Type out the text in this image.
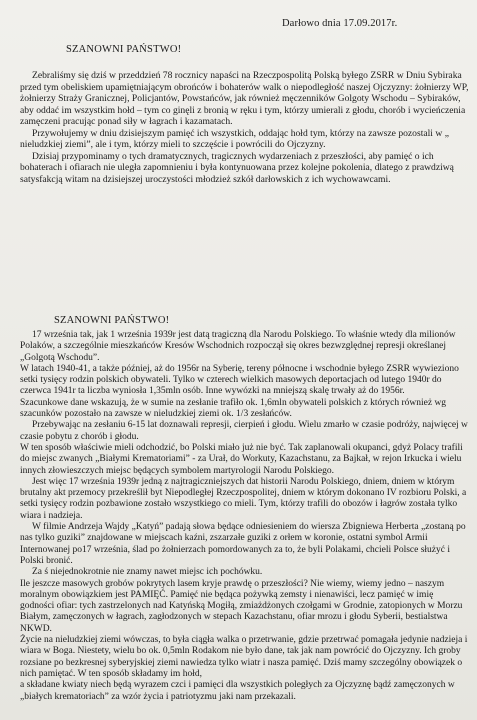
Darłowo dnia 17.09.2017r.
SZANOWNI PAŃSTWO!

Zebraliśmy się dziś w przeddzień 78 rocznicy napaści na Rzeczpospolitą Polską byłego ZSRR w Dniu Sybiraka przed tym obeliskiem upamiętniającym obrońców i bohaterów walk o niepodległość naszej Ojczyzny: żołnierzy WP, żołnierzy Straży Granicznej, Policjantów, Powstańców, jak również męczenników Golgoty Wschodu – Sybiraków, aby oddać im wszystkim hołd – tym co ginęli z bronią w ręku i tym, którzy umierali z głodu, chorób i wycieńczenia zamęczeni pracując ponad siły w łagrach i kazamatach.

Przywołujemy w dniu dzisiejszym pamięć ich wszystkich, oddając hołd tym, którzy na zawsze pozostali w „ nieludzkiej ziemi”, ale i tym, którzy mieli to szczęście i powrócili do Ojczyzny.

Dzisiaj przypominamy o tych dramatycznych, tragicznych wydarzeniach z przeszłości, aby pamięć o ich bohaterach i ofiarach nie uległa zapomnieniu i była kontynuowana przez kolejne pokolenia, dlatego z prawdziwą satysfakcją witam na dzisiejszej uroczystości młodzież szkół darłowskich z ich wychowawcami.

SZANOWNI PAŃSTWO!

17 września tak, jak 1 września 1939r jest datą tragiczną dla Narodu Polskiego. To właśnie wtedy dla milionów Polaków, a szczególnie mieszkańców Kresów Wschodnich rozpoczął się okres bezwzględnej represji określanej „Golgotą Wschodu”.

W latach 1940-41, a także później, aż do 1956r na Syberię, tereny północne i wschodnie byłego ZSRR wywieziono setki tysięcy rodzin polskich obywateli. Tylko w czterech wielkich masowych deportacjach od lutego 1940r do czerwca 1941r ta liczba wyniosła 1,35mln osób. Inne wywózki na mniejszą skalę trwały aż do 1956r.

Szacunkowe dane wskazują, że w sumie na zesłanie trafiło ok. 1,6mln obywateli polskich z których również wg szacunków pozostało na zawsze w nieludzkiej ziemi ok. 1/3 zesłańców.

Przebywając na zesłaniu 6-15 lat doznawali represji, cierpień i głodu. Wielu zmarło w czasie podróży, najwięcej w czasie pobytu z chorób i głodu.

W ten sposób właściwie mieli odchodzić, bo Polski miało już nie być. Tak zaplanowali okupanci, gdyż Polacy trafili do miejsc zwanych „Białymi Krematoriami” - za Urał, do Workuty, Kazachstanu, za Bajkał, w rejon Irkucka i wielu innych złowieszczych miejsc będących symbolem martyrologii Narodu Polskiego.

Jest więc 17 września 1939r jedną z najtragiczniejszych dat historii Narodu Polskiego, dniem, dniem w którym brutalny akt przemocy przekreślił byt Niepodległej Rzeczpospolitej, dniem w którym dokonano IV rozbioru Polski, a setki tysięcy rodzin pozbawione zostało wszystkiego co mieli. Tym, którzy trafili do obozów i łagrów została tylko wiara i nadzieja.

W filmie Andrzeja Wajdy „Katyń” padają słowa będące odniesieniem do wiersza Zbigniewa Herberta „zostaną po nas tylko guziki” znajdowane w miejscach kaźni, zszarzałe guziki z orłem w koronie, ostatni symbol Armii Internowanej po17 września, ślad po żołnierzach pomordowanych za to, że byli Polakami, chcieli Polsce służyć i Polski bronić.

Za ś niejednokrotnie nie znamy nawet miejsc ich pochówku.

Ile jeszcze masowych grobów pokrytych lasem kryje prawdę o przeszłości? Nie wiemy, wiemy jedno – naszym moralnym obowiązkiem jest PAMIĘĆ. Pamięć nie będąca pożywką zemsty i nienawiści, lecz pamięć w imię godności ofiar: tych zastrzelonych nad Katyńską Mogiłą, zmiażdżonych czołgami w Grodnie, zatopionych w Morzu Białym, zamęczonych w łagrach, zagłodzonych w stepach Kazachstanu, ofiar mrozu i głodu Syberii, bestialstwa NKWD.

Życie na nieludzkiej ziemi wówczas, to była ciągła walka o przetrwanie, gdzie przetrwać pomagała jedynie nadzieja i wiara w Boga. Niestety, wielu bo ok. 0,5mln Rodakom nie było dane, tak jak nam powrócić do Ojczyzny. Ich groby rozsiane po bezkresnej syberyjskiej ziemi nawiedza tylko wiatr i nasza pamięć. Dziś mamy szczególny obowiązek o nich pamiętać. W ten sposób składamy im hołd,

a składane kwiaty niech będą wyrazem czci i pamięci dla wszystkich poległych za Ojczyznę bądź zamęczonych w „białych krematoriach” za wzór życia i patriotyzmu jaki nam przekazali.
